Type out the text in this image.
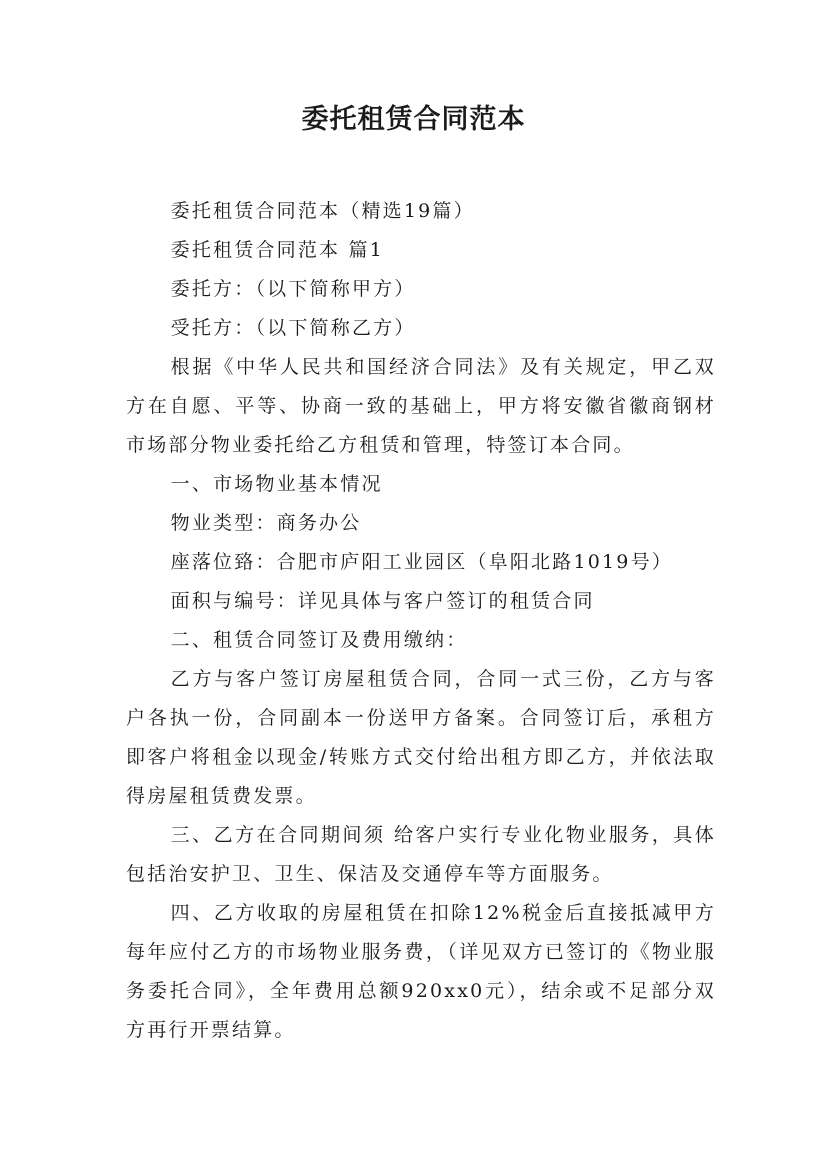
委托租赁合同范本

委托租赁合同范本（精选19篇）

委托租赁合同范本 篇1

委托方：（以下简称甲方）

受托方：（以下简称乙方）

根据《中华人民共和国经济合同法》及有关规定，甲乙双方在自愿、平等、协商一致的基础上，甲方将安徽省徽商钢材市场部分物业委托给乙方租赁和管理，特签订本合同。

一、市场物业基本情况

物业类型：商务办公

座落位臵：合肥市庐阳工业园区（阜阳北路1019号）

面积与编号：详见具体与客户签订的租赁合同

二、租赁合同签订及费用缴纳：

乙方与客户签订房屋租赁合同，合同一式三份，乙方与客户各执一份，合同副本一份送甲方备案。合同签订后，承租方即客户将租金以现金/转账方式交付给出租方即乙方，并依法取得房屋租赁费发票。

三、乙方在合同期间须 给客户实行专业化物业服务，具体包括治安护卫、卫生、保洁及交通停车等方面服务。

四、乙方收取的房屋租赁在扣除12%税金后直接抵减甲方每年应付乙方的市场物业服务费，（详见双方已签订的《物业服务委托合同》，全年费用总额920xx0元），结余或不足部分双方再行开票结算。
